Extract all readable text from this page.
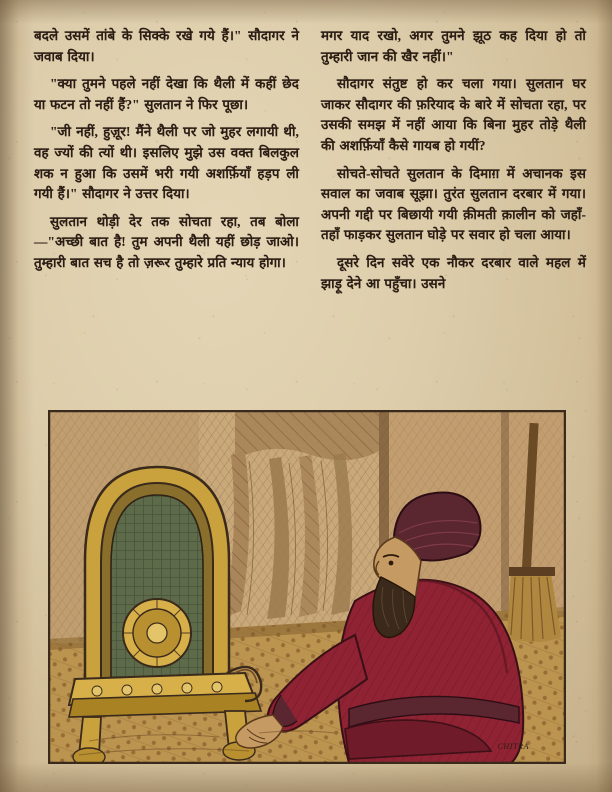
बदले उसमें तांबे के सिक्के रखे गये हैं।" सौदागर ने जवाब दिया।

"क्या तुमने पहले नहीं देखा कि थैली में कहीं छेद या फटन तो नहीं हैं?" सुलतान ने फिर पूछा।

"जी नहीं, हुज़ूर! मैंने थैली पर जो मुहर लगायी थी, वह ज्यों की त्यों थी। इसलिए मुझे उस वक्त बिलकुल शक न हुआ कि उसमें भरी गयी अशर्फ़ियाँ हड़प ली गयी हैं।" सौदागर ने उत्तर दिया।

सुलतान थोड़ी देर तक सोचता रहा, तब बोला—"अच्छी बात है! तुम अपनी थैली यहीं छोड़ जाओ। तुम्हारी बात सच है तो ज़रूर तुम्हारे प्रति न्याय होगा।

मगर याद रखो, अगर तुमने झूठ कह दिया हो तो तुम्हारी जान की खैर नहीं।"

सौदागर संतुष्ट हो कर चला गया। सुलतान घर जाकर सौदागर की फ़रियाद के बारे में सोचता रहा, पर उसकी समझ में नहीं आया कि बिना मुहर तोड़े थैली की अशर्फ़ियाँ कैसे गायब हो गयीं?

सोचते-सोचते सुलतान के दिमाग़ में अचानक इस सवाल का जवाब सूझा। तुरंत सुलतान दरबार में गया। अपनी गद्दी पर बिछायी गयी क़ीमती क़ालीन को जहाँ-तहाँ फाड़कर सुलतान घोड़े पर सवार हो चला आया।

दूसरे दिन सवेरे एक नौकर दरबार वाले महल में झाड़ू देने आ पहुँचा। उसने

CHITRA
